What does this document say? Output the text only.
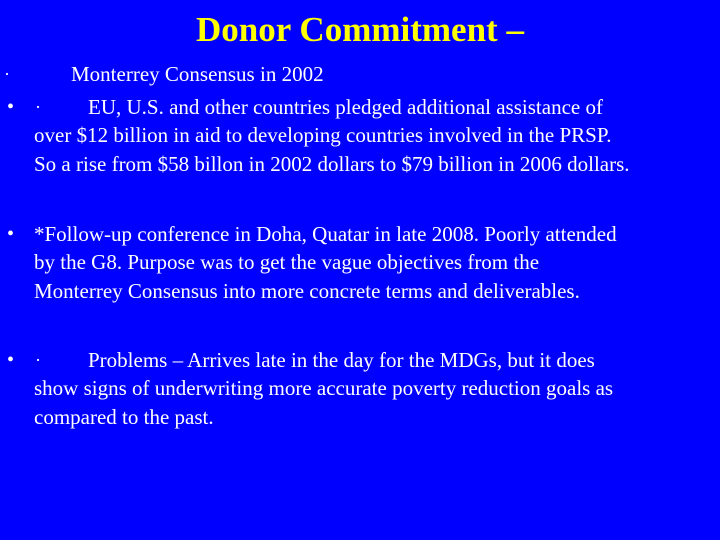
Donor Commitment –
·	Monterrey Consensus in 2002
• · EU, U.S. and other countries pledged additional assistance of
over $12 billion in aid to developing countries involved in the PRSP.
So a rise from $58 billon in 2002 dollars to $79 billion in 2006 dollars.
• *Follow-up conference in Doha, Quatar in late 2008. Poorly attended
by the G8. Purpose was to get the vague objectives from the
Monterrey Consensus into more concrete terms and deliverables.
• · Problems – Arrives late in the day for the MDGs, but it does
show signs of underwriting more accurate poverty reduction goals as
compared to the past.
